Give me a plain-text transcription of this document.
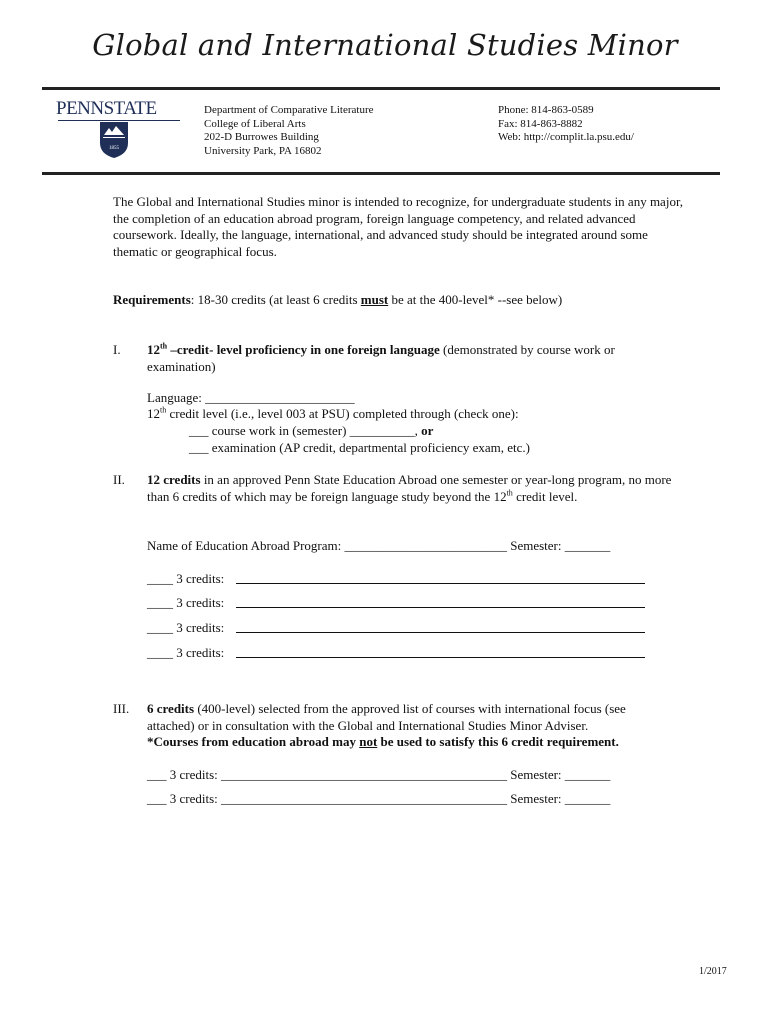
Global and International Studies Minor
PENNSTATE
1855
Department of Comparative Literature
College of Liberal Arts
202-D Burrowes Building
University Park, PA 16802
Phone: 814-863-0589
Fax: 814-863-8882
Web: http://complit.la.psu.edu/
The Global and International Studies minor is intended to recognize, for undergraduate students in any major, the completion of an education abroad program, foreign language competency, and related advanced coursework. Ideally, the language, international, and advanced study should be integrated around some thematic or geographical focus.
Requirements: 18-30 credits (at least 6 credits must be at the 400-level* --see below)
I. 12th –credit- level proficiency in one foreign language (demonstrated by course work or examination)
Language: _______________________
12th credit level (i.e., level 003 at PSU) completed through (check one):
___ course work in (semester) __________, or
___ examination (AP credit, departmental proficiency exam, etc.)
II. 12 credits in an approved Penn State Education Abroad one semester or year-long program, no more than 6 credits of which may be foreign language study beyond the 12th credit level.
Name of Education Abroad Program: _________________________ Semester: _______
____ 3 credits:
____ 3 credits:
____ 3 credits:
____ 3 credits:
III. 6 credits (400-level) selected from the approved list of courses with international focus (see attached) or in consultation with the Global and International Studies Minor Adviser.
*Courses from education abroad may not be used to satisfy this 6 credit requirement.
___ 3 credits: ____________________________________________ Semester: _______
___ 3 credits: ____________________________________________ Semester: _______
1/2017
